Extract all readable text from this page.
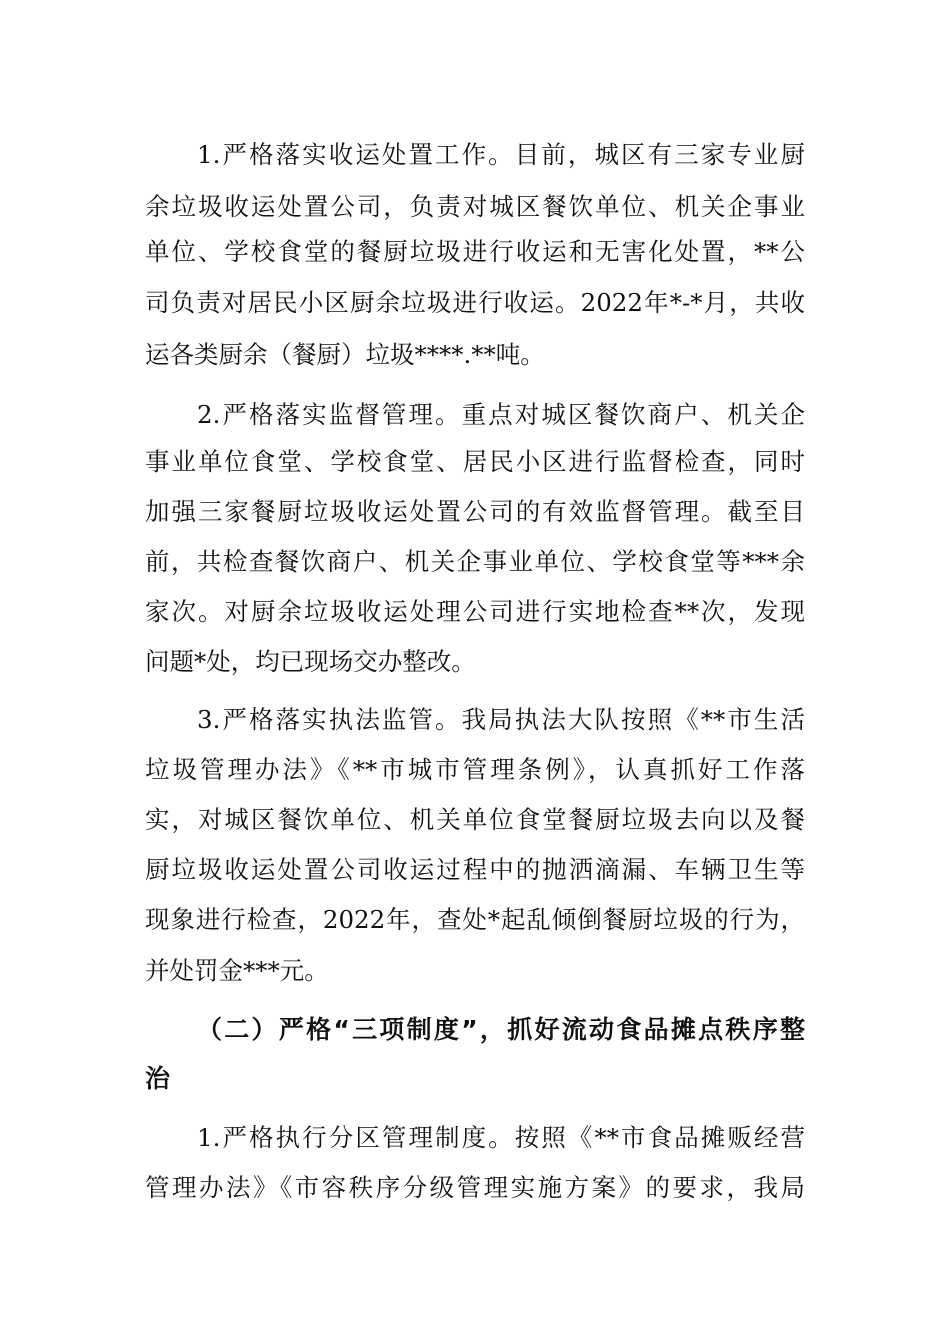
1.严格落实收运处置工作。目前，城区有三家专业厨
余垃圾收运处置公司，负责对城区餐饮单位、机关企事业
单位、学校食堂的餐厨垃圾进行收运和无害化处置，**公
司负责对居民小区厨余垃圾进行收运。2022年*-*月，共收
运各类厨余（餐厨）垃圾****.**吨。
2.严格落实监督管理。重点对城区餐饮商户、机关企
事业单位食堂、学校食堂、居民小区进行监督检查，同时
加强三家餐厨垃圾收运处置公司的有效监督管理。截至目
前，共检查餐饮商户、机关企事业单位、学校食堂等***余
家次。对厨余垃圾收运处理公司进行实地检查**次，发现
问题*处，均已现场交办整改。
3.严格落实执法监管。我局执法大队按照《**市生活
垃圾管理办法》《**市城市管理条例》，认真抓好工作落
实，对城区餐饮单位、机关单位食堂餐厨垃圾去向以及餐
厨垃圾收运处置公司收运过程中的抛洒滴漏、车辆卫生等
现象进行检查，2022年，查处*起乱倾倒餐厨垃圾的行为，
并处罚金***元。
（二）严格“三项制度”，抓好流动食品摊点秩序整
治
1.严格执行分区管理制度。按照《**市食品摊贩经营
管理办法》《市容秩序分级管理实施方案》的要求，我局
